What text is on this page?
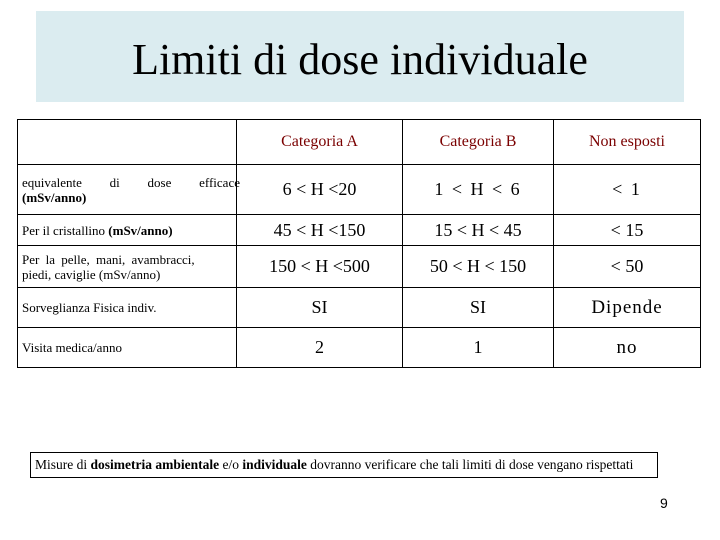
Limiti di dose individuale
	Categoria A	Categoria B	Non esposti

equivalente   di   dose   efficace
(mSv/anno)	6 < H <20	1 < H < 6	< 1
Per il cristallino (mSv/anno)	45 < H <150	15 < H < 45	< 15

Per la pelle, mani, avambracci,
piedi, caviglie (mSv/anno)	150 < H <500	50 < H < 150	< 50
Sorveglianza Fisica indiv.	SI	SI	Dipende
Visita medica/anno	2	1	no
Misure di dosimetria ambientale e/o individuale dovranno verificare che tali limiti di dose vengano rispettati
9
